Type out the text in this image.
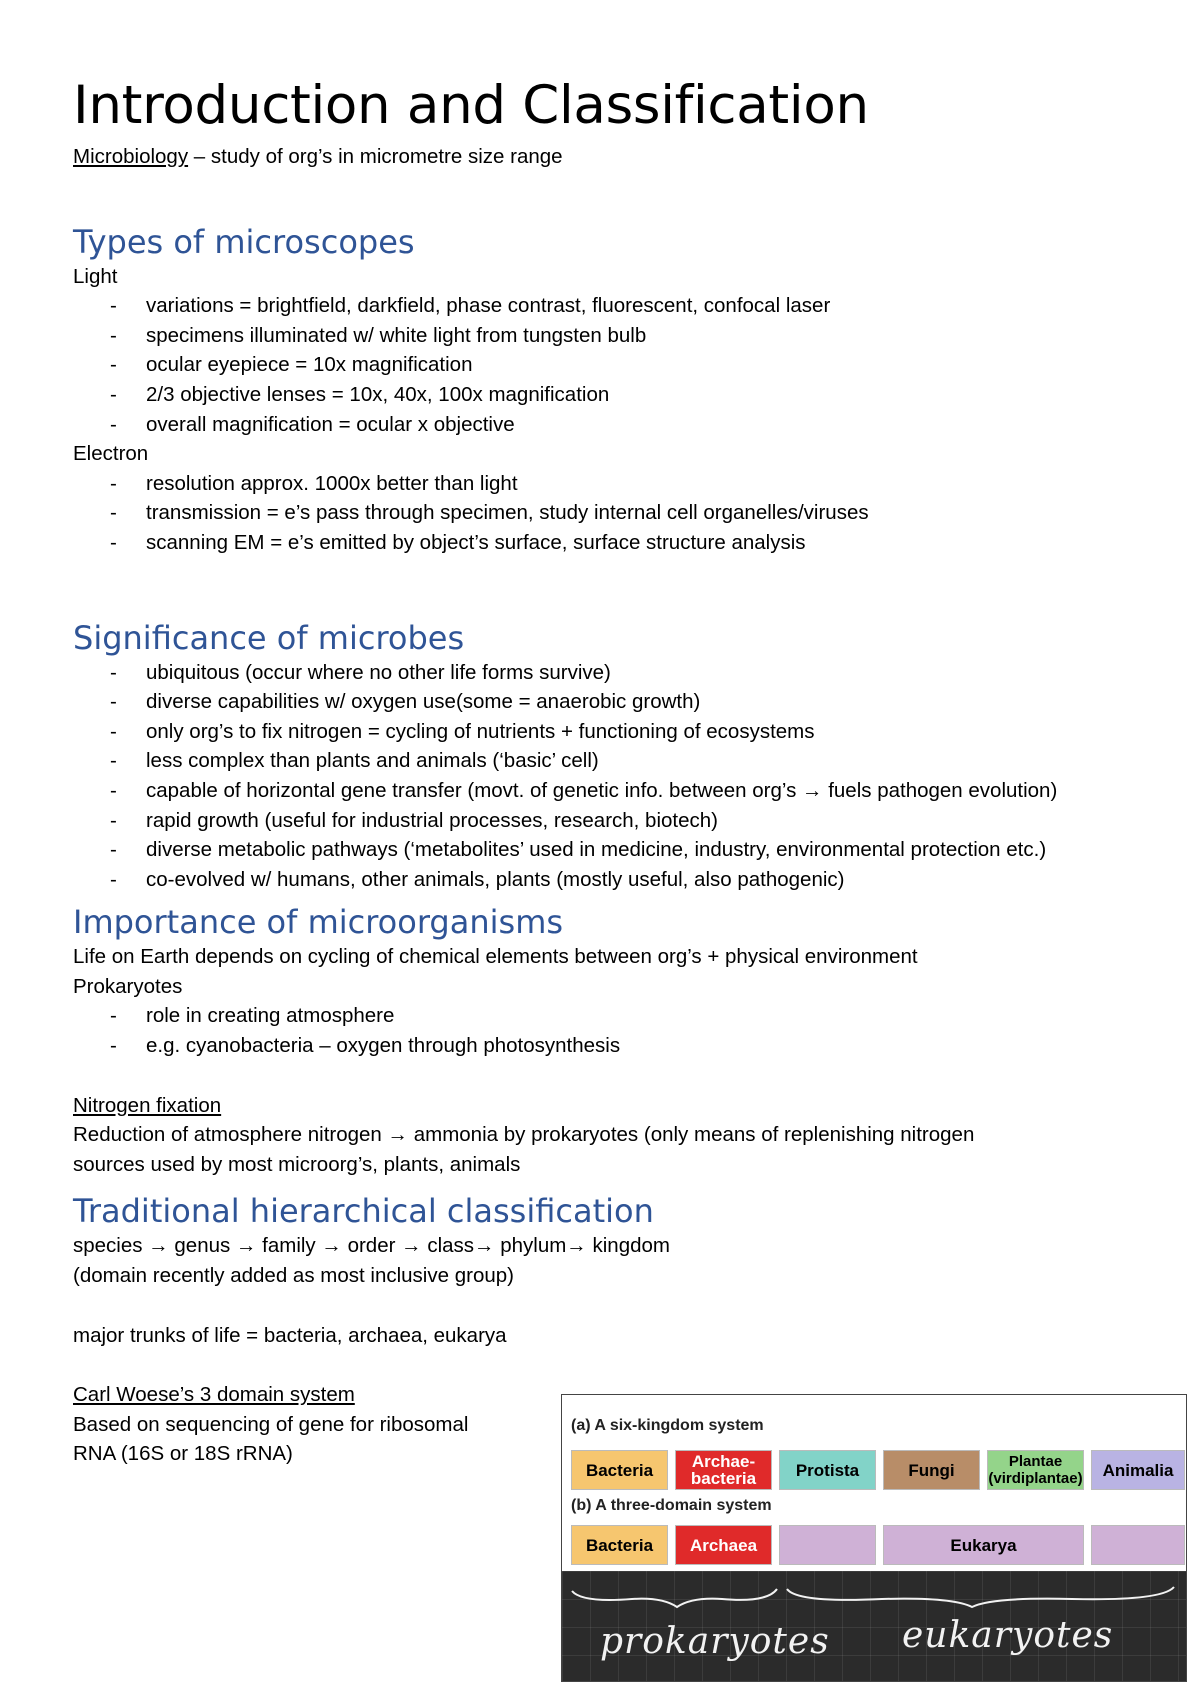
Introduction and Classification
Microbiology – study of org’s in micrometre size range
Types of microscopes
Light
- variations = brightfield, darkfield, phase contrast, fluorescent, confocal laser
- specimens illuminated w/ white light from tungsten bulb
- ocular eyepiece = 10x magnification
- 2/3 objective lenses = 10x, 40x, 100x magnification
- overall magnification = ocular x objective
Electron
- resolution approx. 1000x better than light
- transmission = e’s pass through specimen, study internal cell organelles/viruses
- scanning EM = e’s emitted by object’s surface, surface structure analysis
Significance of microbes
- ubiquitous (occur where no other life forms survive)
- diverse capabilities w/ oxygen use(some = anaerobic growth)
- only org’s to fix nitrogen = cycling of nutrients + functioning of ecosystems
- less complex than plants and animals (‘basic’ cell)
- capable of horizontal gene transfer (movt. of genetic info. between org’s → fuels pathogen evolution)
- rapid growth (useful for industrial processes, research, biotech)
- diverse metabolic pathways (‘metabolites’ used in medicine, industry, environmental protection etc.)
- co-evolved w/ humans, other animals, plants (mostly useful, also pathogenic)
Importance of microorganisms
Life on Earth depends on cycling of chemical elements between org’s + physical environment
Prokaryotes
- role in creating atmosphere
- e.g. cyanobacteria – oxygen through photosynthesis
Nitrogen fixation
Reduction of atmosphere nitrogen → ammonia by prokaryotes (only means of replenishing nitrogen
sources used by most microorg’s, plants, animals
Traditional hierarchical classification
species → genus → family → order → class→ phylum→ kingdom
(domain recently added as most inclusive group)
major trunks of life = bacteria, archaea, eukarya
Carl Woese’s 3 domain system
Based on sequencing of gene for ribosomal
RNA (16S or 18S rRNA)
(a) A six-kingdom system
Bacteria	Archae-
bacteria	Protista	Fungi	Plantae
(virdiplantae)	Animalia
(b) A three-domain system
Bacteria	Archaea	Eukarya
prokaryotes eukaryotes
